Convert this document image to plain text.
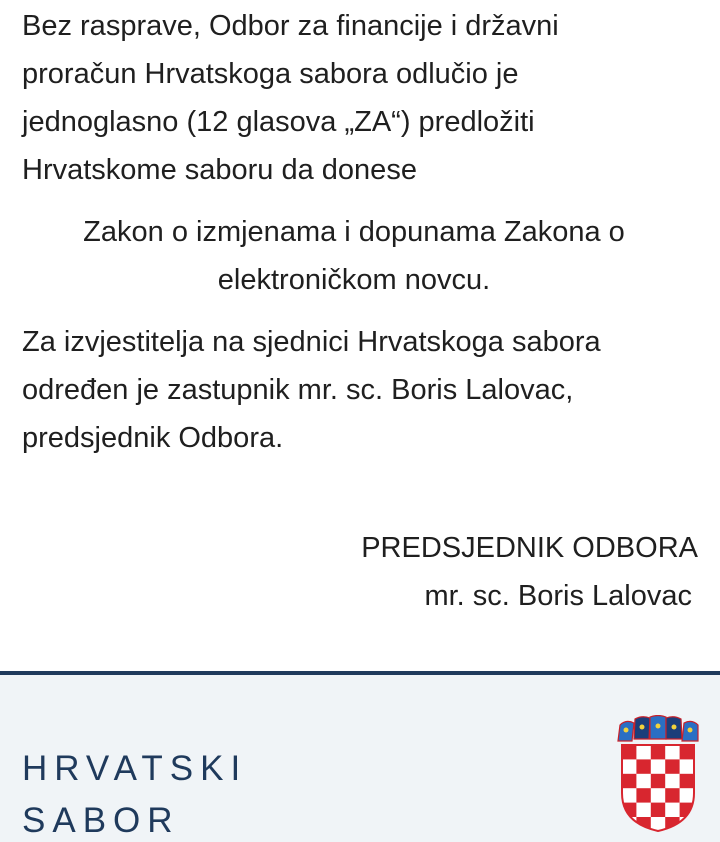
Bez rasprave, Odbor za financije i državni
proračun Hrvatskoga sabora odlučio je
jednoglasno (12 glasova „ZA“) predložiti
Hrvatskome saboru da donese

Zakon o izmjenama i dopunama Zakona o
elektroničkom novcu.

Za izvjestitelja na sjednici Hrvatskoga sabora
određen je zastupnik mr. sc. Boris Lalovac,
predsjednik Odbora.

PREDSJEDNIK ODBORA
mr. sc. Boris Lalovac
HRVATSKI
SABOR
